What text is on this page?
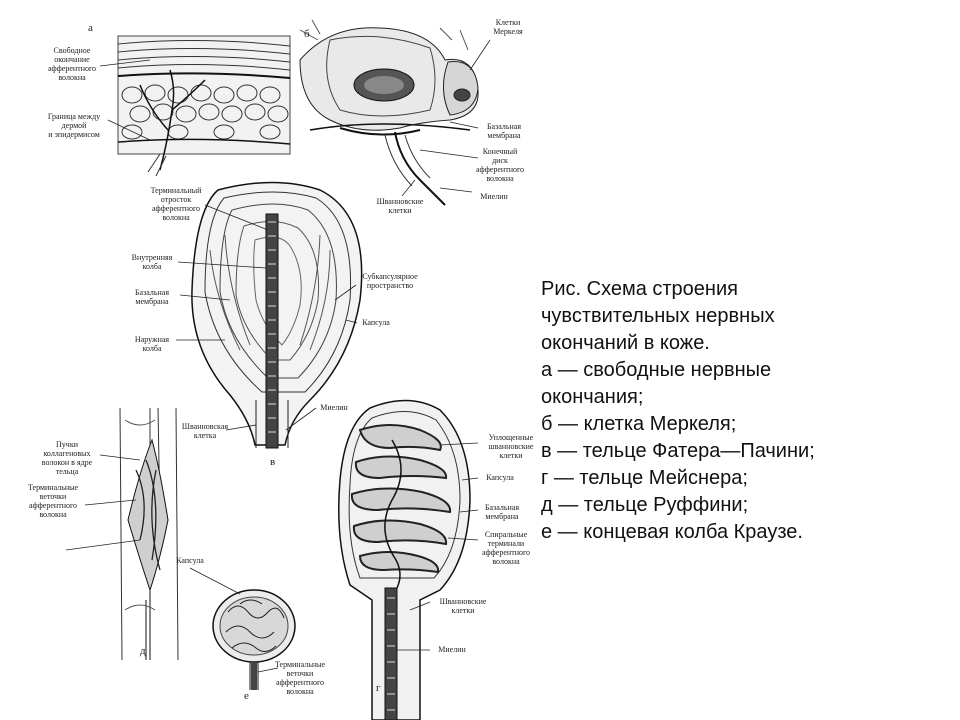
а	б
в
г
д
е
Свободное
окончание
афферентного
волокна
Граница между
дермой
и эпидермисом
Клетки
Меркеля
Базальная
мембрана
Конечный
диск
афферентного
волокна
Миелин
Шванновские
клетки
Терминальный
отросток
афферентного
волокна
Внутренняя
колба
Базальная
мембрана
Наружная
колба
Субкапсулярное
пространство
Капсула
Миелин
Шванновская
клетка
Пучки
коллагеновых
волокон в ядре
тельца
Терминальные
веточки
афферентного
волокна
Капсула
Терминальные
веточки
афферентного
волокна
Уплощенные
шванновские
клетки
Капсула
Базальная
мембрана
Спиральные
терминали
афферентного
волокна
Шванновские
клетки
Миелин
Рис. Схема строения
чувствительных нервных
окончаний в коже.
а — свободные нервные
окончания;
б — клетка Меркеля;
в — тельце Фатера—Пачини;
г — тельце Мейснера;
д — тельце Руффини;
е — концевая колба Краузе.
